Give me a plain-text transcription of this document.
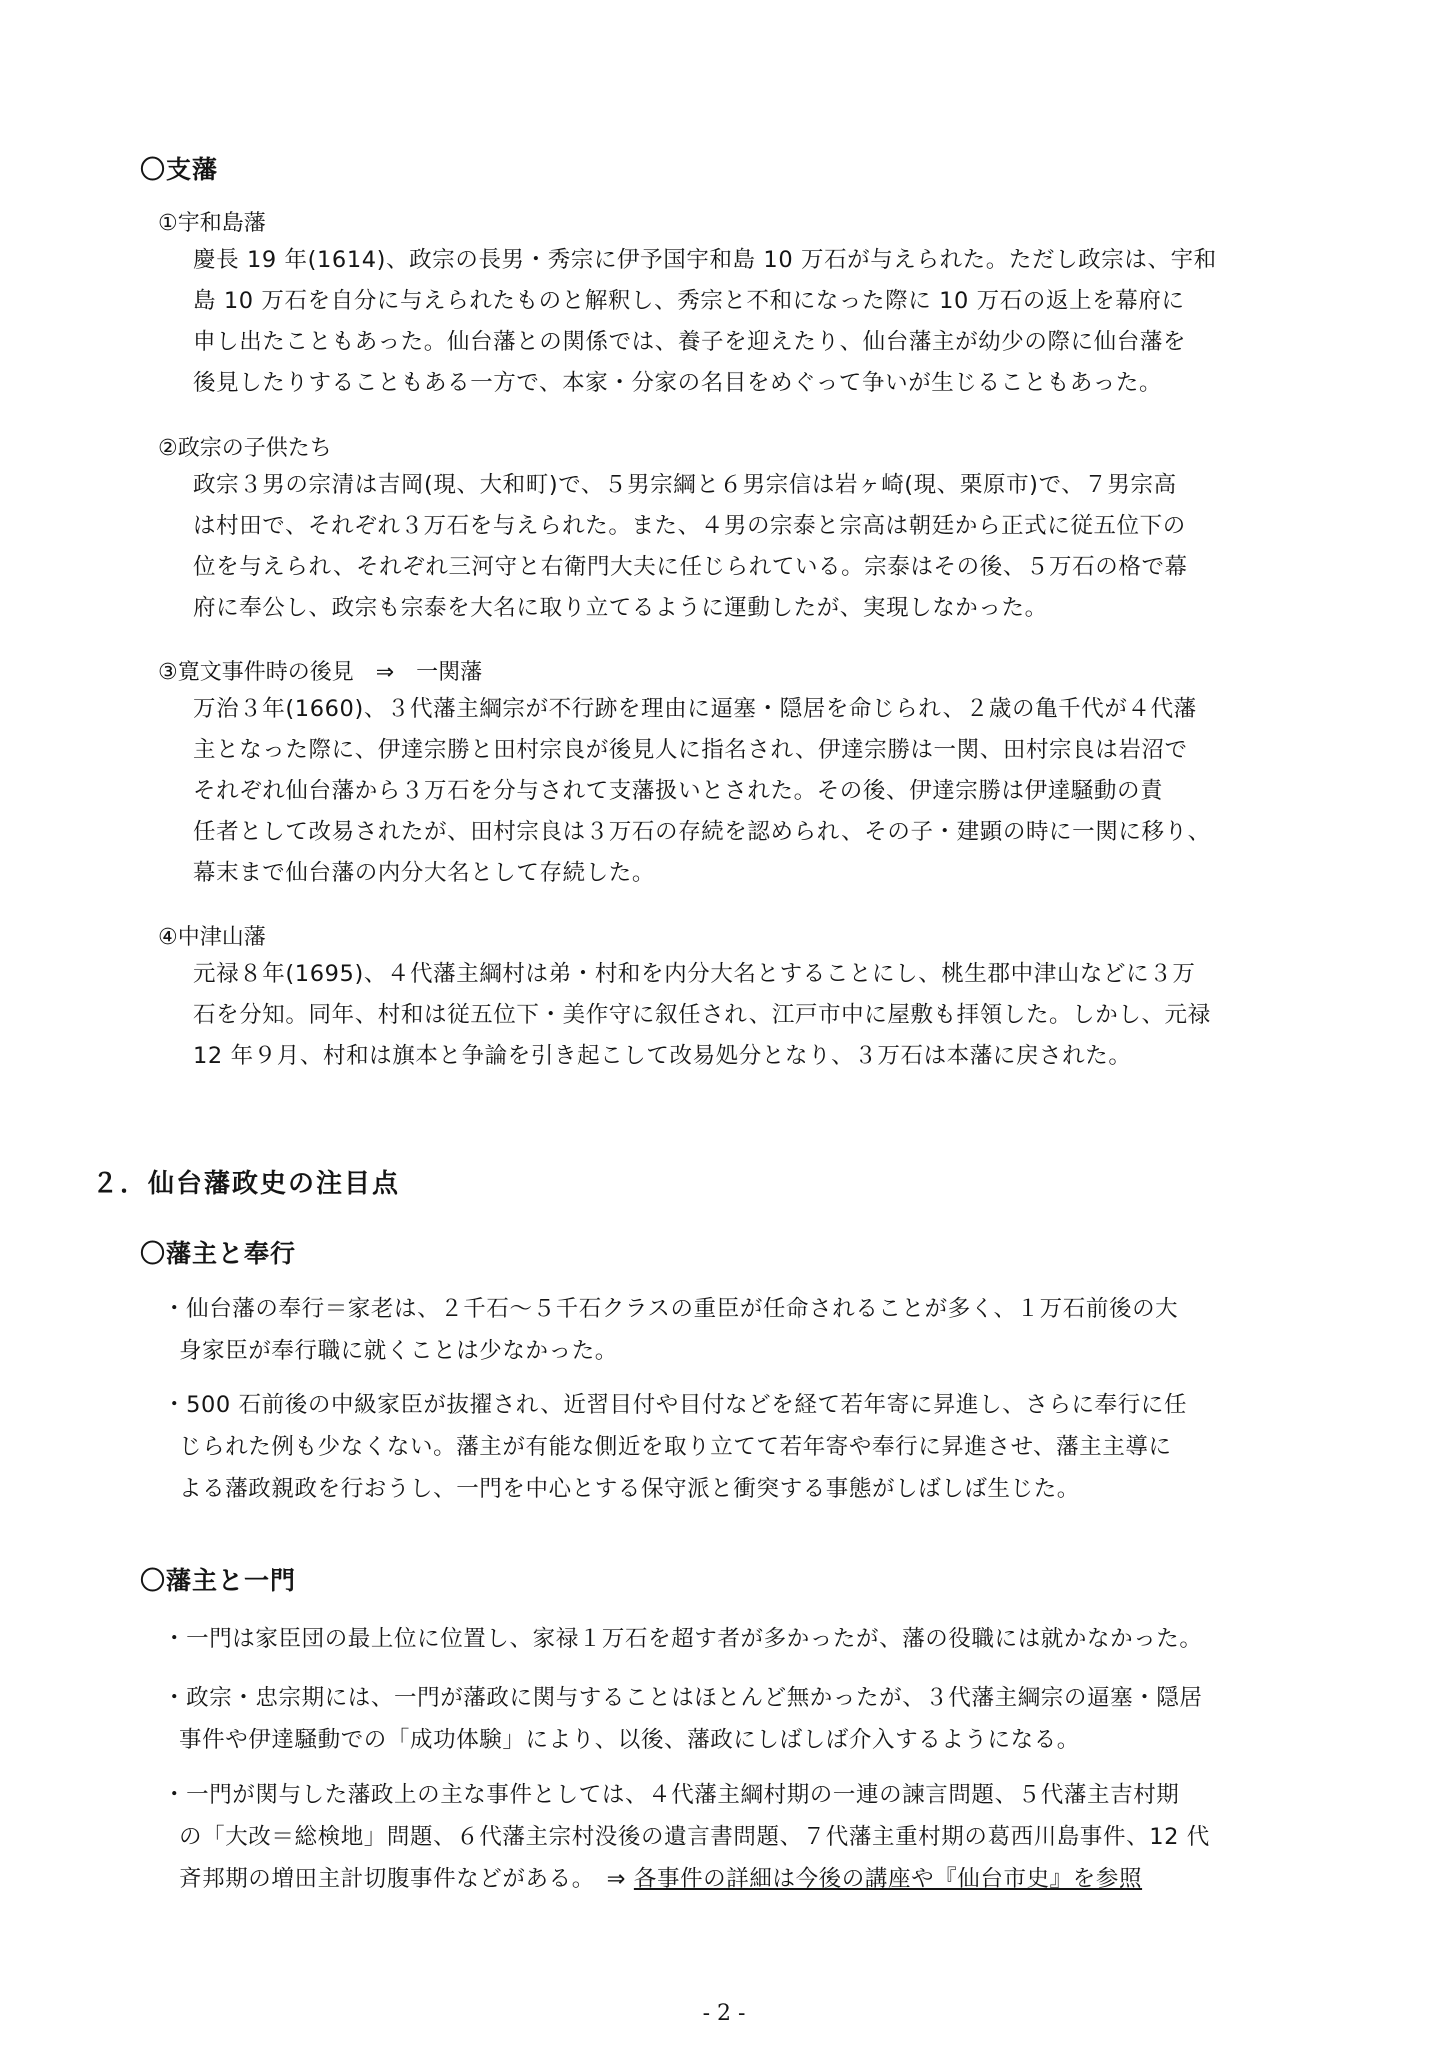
〇支藩
①宇和島藩
慶長 19 年(1614)、政宗の長男・秀宗に伊予国宇和島 10 万石が与えられた。ただし政宗は、宇和
島 10 万石を自分に与えられたものと解釈し、秀宗と不和になった際に 10 万石の返上を幕府に
申し出たこともあった。仙台藩との関係では、養子を迎えたり、仙台藩主が幼少の際に仙台藩を
後見したりすることもある一方で、本家・分家の名目をめぐって争いが生じることもあった。
②政宗の子供たち
政宗３男の宗清は吉岡(現、大和町)で、５男宗綱と６男宗信は岩ヶ崎(現、栗原市)で、７男宗高
は村田で、それぞれ３万石を与えられた。また、４男の宗泰と宗高は朝廷から正式に従五位下の
位を与えられ、それぞれ三河守と右衛門大夫に任じられている。宗泰はその後、５万石の格で幕
府に奉公し、政宗も宗泰を大名に取り立てるように運動したが、実現しなかった。
③寛文事件時の後見　⇒　一関藩
万治３年(1660)、３代藩主綱宗が不行跡を理由に逼塞・隠居を命じられ、２歳の亀千代が４代藩
主となった際に、伊達宗勝と田村宗良が後見人に指名され、伊達宗勝は一関、田村宗良は岩沼で
それぞれ仙台藩から３万石を分与されて支藩扱いとされた。その後、伊達宗勝は伊達騒動の責
任者として改易されたが、田村宗良は３万石の存続を認められ、その子・建顕の時に一関に移り、
幕末まで仙台藩の内分大名として存続した。
④中津山藩
元禄８年(1695)、４代藩主綱村は弟・村和を内分大名とすることにし、桃生郡中津山などに３万
石を分知。同年、村和は従五位下・美作守に叙任され、江戸市中に屋敷も拝領した。しかし、元禄
12 年９月、村和は旗本と争論を引き起こして改易処分となり、３万石は本藩に戻された。
２．仙台藩政史の注目点
〇藩主と奉行
・仙台藩の奉行＝家老は、２千石～５千石クラスの重臣が任命されることが多く、１万石前後の大
身家臣が奉行職に就くことは少なかった。
・500 石前後の中級家臣が抜擢され、近習目付や目付などを経て若年寄に昇進し、さらに奉行に任
じられた例も少なくない。藩主が有能な側近を取り立てて若年寄や奉行に昇進させ、藩主主導に
よる藩政親政を行おうし、一門を中心とする保守派と衝突する事態がしばしば生じた。
〇藩主と一門
・一門は家臣団の最上位に位置し、家禄１万石を超す者が多かったが、藩の役職には就かなかった。
・政宗・忠宗期には、一門が藩政に関与することはほとんど無かったが、３代藩主綱宗の逼塞・隠居
事件や伊達騒動での「成功体験」により、以後、藩政にしばしば介入するようになる。
・一門が関与した藩政上の主な事件としては、４代藩主綱村期の一連の諫言問題、５代藩主吉村期
の「大改＝総検地」問題、６代藩主宗村没後の遺言書問題、７代藩主重村期の葛西川島事件、12 代
斉邦期の増田主計切腹事件などがある。　⇒ 各事件の詳細は今後の講座や『仙台市史』を参照
- 2 -
